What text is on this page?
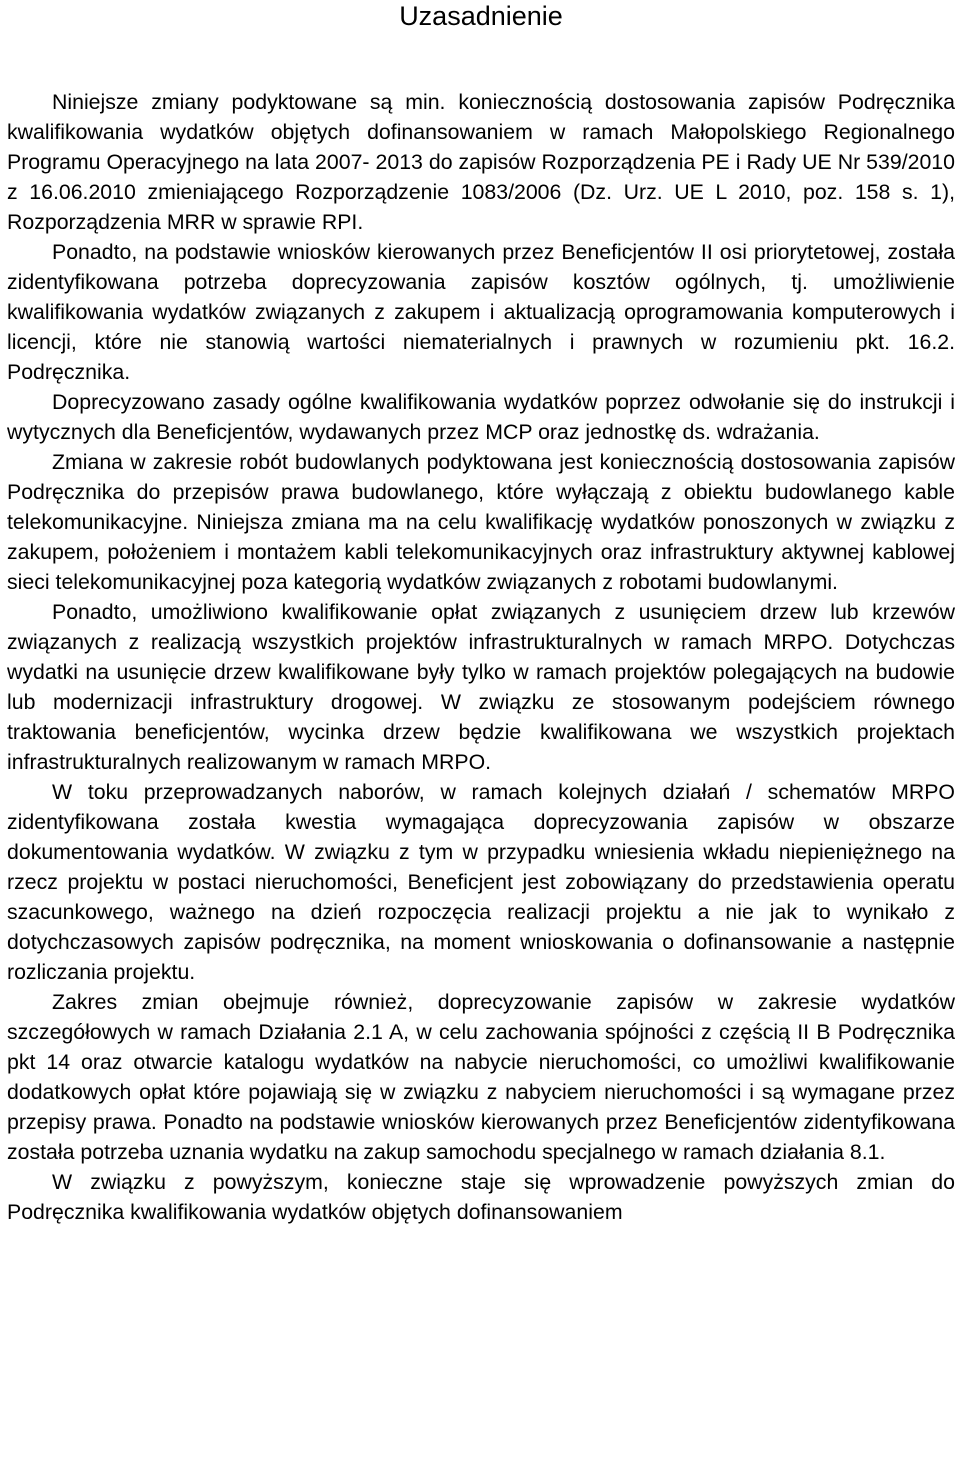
Uzasadnienie

Niniejsze zmiany podyktowane są min. koniecznością dostosowania zapisów Podręcznika kwalifikowania wydatków objętych dofinansowaniem w ramach Małopolskiego Regionalnego Programu Operacyjnego na lata 2007- 2013 do zapisów Rozporządzenia PE i Rady UE Nr 539/2010 z 16.06.2010 zmieniającego Rozporządzenie 1083/2006 (Dz. Urz. UE L 2010, poz. 158 s. 1), Rozporządzenia MRR w sprawie RPI.

Ponadto, na podstawie wniosków kierowanych przez Beneficjentów II osi priorytetowej, została zidentyfikowana potrzeba doprecyzowania zapisów kosztów ogólnych, tj. umożliwienie kwalifikowania wydatków związanych z zakupem i aktualizacją oprogramowania komputerowych i licencji, które nie stanowią wartości niematerialnych i prawnych w rozumieniu pkt. 16.2. Podręcznika.

Doprecyzowano zasady ogólne kwalifikowania wydatków poprzez odwołanie się do instrukcji i wytycznych dla Beneficjentów, wydawanych przez MCP oraz jednostkę ds. wdrażania.

Zmiana w zakresie robót budowlanych podyktowana jest koniecznością dostosowania zapisów Podręcznika do przepisów prawa budowlanego, które wyłączają z obiektu budowlanego kable telekomunikacyjne. Niniejsza zmiana ma na celu kwalifikację wydatków ponoszonych w związku z zakupem, położeniem i montażem kabli telekomunikacyjnych oraz infrastruktury aktywnej kablowej sieci telekomunikacyjnej poza kategorią wydatków związanych z robotami budowlanymi.

Ponadto, umożliwiono kwalifikowanie opłat związanych z usunięciem drzew lub krzewów związanych z realizacją wszystkich projektów infrastrukturalnych w ramach MRPO. Dotychczas wydatki na usunięcie drzew kwalifikowane były tylko w ramach projektów polegających na budowie lub modernizacji infrastruktury drogowej. W związku ze stosowanym podejściem równego traktowania beneficjentów, wycinka drzew będzie kwalifikowana we wszystkich projektach infrastrukturalnych realizowanym w ramach MRPO.

W toku przeprowadzanych naborów, w ramach kolejnych działań / schematów MRPO zidentyfikowana została kwestia wymagająca doprecyzowania zapisów w obszarze dokumentowania wydatków. W związku z tym w przypadku wniesienia wkładu niepieniężnego na rzecz projektu w postaci nieruchomości, Beneficjent jest zobowiązany do przedstawienia operatu szacunkowego, ważnego na dzień rozpoczęcia realizacji projektu a nie jak to wynikało z dotychczasowych zapisów podręcznika, na moment wnioskowania o dofinansowanie a następnie rozliczania projektu.

Zakres zmian obejmuje również, doprecyzowanie zapisów w zakresie wydatków szczegółowych w ramach Działania 2.1 A, w celu zachowania spójności z częścią II B Podręcznika pkt 14 oraz otwarcie katalogu wydatków na nabycie nieruchomości, co umożliwi kwalifikowanie dodatkowych opłat które pojawiają się w związku z nabyciem nieruchomości i są wymagane przez przepisy prawa. Ponadto na podstawie wniosków kierowanych przez Beneficjentów zidentyfikowana została potrzeba uznania wydatku na zakup samochodu specjalnego w ramach działania 8.1.

W związku z powyższym, konieczne staje się wprowadzenie powyższych zmian do Podręcznika kwalifikowania wydatków objętych dofinansowaniem
